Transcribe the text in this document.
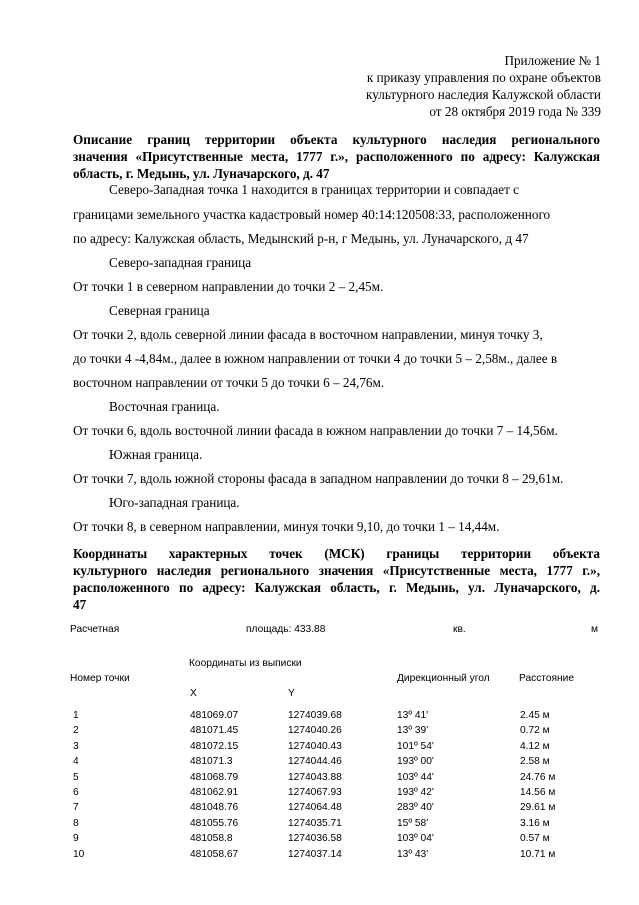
Приложение № 1
к приказу управления по охране объектов
культурного наследия Калужской области
от 28 октября 2019 года № 339
Описание границ территории объекта культурного наследия регионального
значения «Присутственные места, 1777 г.», расположенного по адресу: Калужская
область, г. Медынь, ул. Луначарского, д. 47
Северо-Западная точка 1 находится в границах территории и совпадает с
границами земельного участка кадастровый номер 40:14:120508:33, расположенного
по адресу: Калужская область, Медынский р-н, г Медынь, ул. Луначарского, д 47
Северо-западная граница
От точки 1 в северном направлении до точки 2 – 2,45м.
Северная граница
От точки 2, вдоль северной линии фасада в восточном направлении, минуя точку 3,
до точки 4 -4,84м., далее в южном направлении от точки 4 до точки 5 – 2,58м., далее в
восточном направлении от точки 5 до точки 6 – 24,76м.
Восточная граница.
От точки 6, вдоль восточной линии фасада в южном направлении до точки 7 – 14,56м.
Южная граница.
От точки 7, вдоль южной стороны фасада в западном направлении до точки 8 – 29,61м.
Юго-западная граница.
От точки 8, в северном направлении, минуя точки 9,10, до точки 1 – 14,44м.
Координаты характерных точек (МСК) границы территории объекта
культурного наследия регионального значения «Присутственные места, 1777 г.»,
расположенного по адресу: Калужская область, г. Медынь, ул. Луначарского, д.
47
Расчетная	площадь: 433.88	кв.	м
Координаты из выписки
Номер точки	Дирекционный угол	Расстояние
X	Y
1	481069.07	1274039.68	13º 41'	2.45 м
2	481071.45	1274040.26	13º 39'	0.72 м
3	481072.15	1274040.43	101º 54'	4.12 м
4	481071.3	1274044.46	193º 00'	2.58 м
5	481068.79	1274043.88	103º 44'	24.76 м
6	481062.91	1274067.93	193º 42'	14.56 м
7	481048.76	1274064.48	283º 40'	29.61 м
8	481055.76	1274035.71	15º 58'	3.16 м
9	481058.8	1274036.58	103º 04'	0.57 м
10	481058.67	1274037.14	13º 43'	10.71 м
